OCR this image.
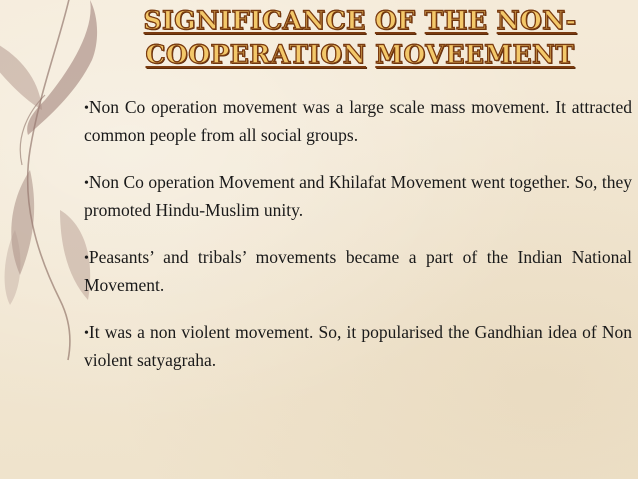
SIGNIFICANCE OF THE NON-
COOPERATION MOVEEMENT

•Non Co operation movement was a large scale mass movement. It attracted common people from all social groups.

•Non Co operation Movement and Khilafat Movement went together. So, they promoted Hindu-Muslim unity.

•Peasants’ and tribals’ movements became a part of the Indian National Movement.

•It was a non violent movement. So, it popularised the Gandhian idea of Non violent satyagraha.
